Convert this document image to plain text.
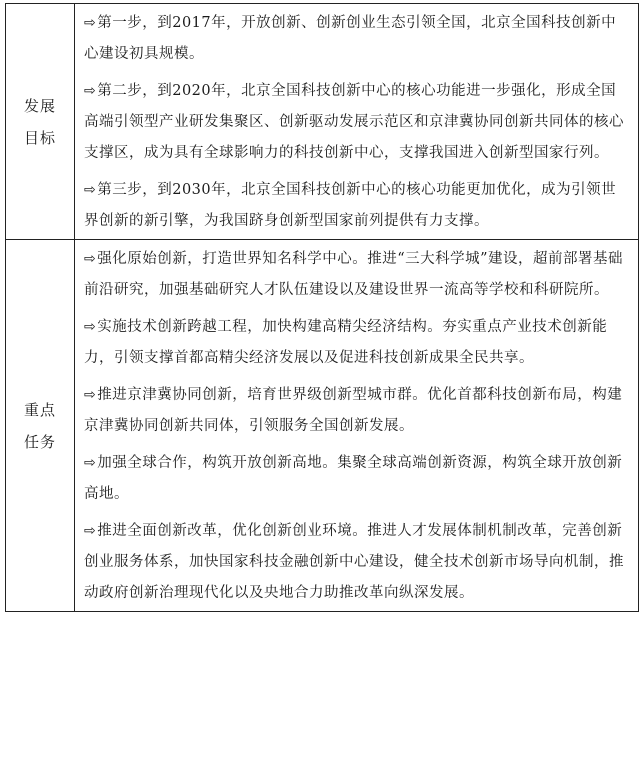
发展目标	⇨第一步，到2017年，开放创新、创新创业生态引领全国，北京全国科技创新中心建设初具规模。

⇨第二步，到2020年，北京全国科技创新中心的核心功能进一步强化，形成全国高端引领型产业研发集聚区、创新驱动发展示范区和京津冀协同创新共同体的核心支撑区，成为具有全球影响力的科技创新中心，支撑我国进入创新型国家行列。

⇨第三步，到2030年，北京全国科技创新中心的核心功能更加优化，成为引领世界创新的新引擎，为我国跻身创新型国家前列提供有力支撑。

重点任务	⇨强化原始创新，打造世界知名科学中心。推进“三大科学城”建设，超前部署基础前沿研究，加强基础研究人才队伍建设以及建设世界一流高等学校和科研院所。

⇨实施技术创新跨越工程，加快构建高精尖经济结构。夯实重点产业技术创新能力，引领支撑首都高精尖经济发展以及促进科技创新成果全民共享。

⇨推进京津冀协同创新，培育世界级创新型城市群。优化首都科技创新布局，构建京津冀协同创新共同体，引领服务全国创新发展。

⇨加强全球合作，构筑开放创新高地。集聚全球高端创新资源，构筑全球开放创新高地。

⇨推进全面创新改革，优化创新创业环境。推进人才发展体制机制改革，完善创新创业服务体系，加快国家科技金融创新中心建设，健全技术创新市场导向机制，推动政府创新治理现代化以及央地合力助推改革向纵深发展。
